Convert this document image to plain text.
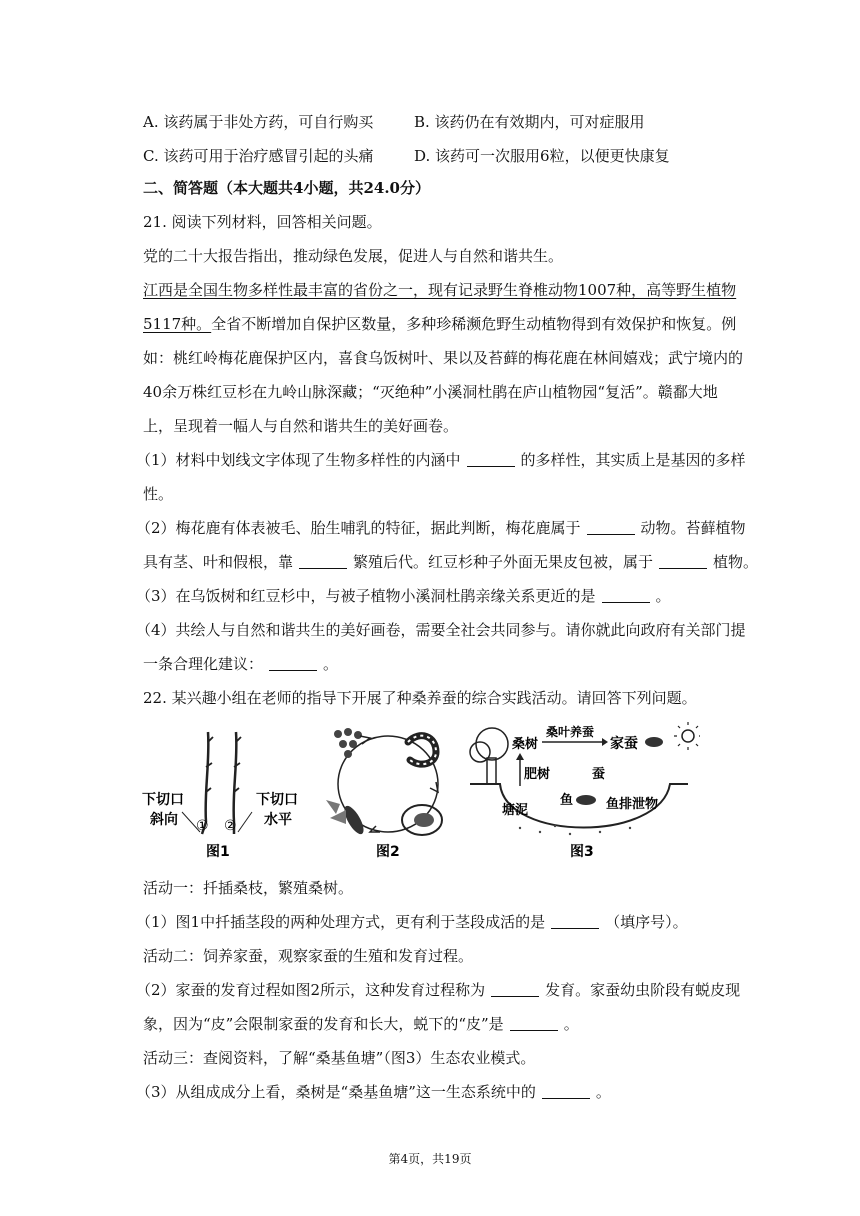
A. 该药属于非处方药，可自行购买	B. 该药仍在有效期内，可对症服用
C. 该药可用于治疗感冒引起的头痛	D. 该药可一次服用6粒，以便更快康复
二、简答题（本大题共4小题，共24.0分）
21. 阅读下列材料，回答相关问题。
党的二十大报告指出，推动绿色发展，促进人与自然和谐共生。
江西是全国生物多样性最丰富的省份之一，现有记录野生脊椎动物1007种，高等野生植物
5117种。全省不断增加自保护区数量，多种珍稀濒危野生动植物得到有效保护和恢复。例
如：桃红岭梅花鹿保护区内，喜食乌饭树叶、果以及苔藓的梅花鹿在林间嬉戏；武宁境内的
40余万株红豆杉在九岭山脉深藏；“灭绝种”小溪洞杜鹃在庐山植物园“复活”。赣鄱大地
上，呈现着一幅人与自然和谐共生的美好画卷。
（1）材料中划线文字体现了生物多样性的内涵中	的多样性，其实质上是基因的多样
性。
（2）梅花鹿有体表被毛、胎生哺乳的特征，据此判断，梅花鹿属于	动物。苔藓植物
具有茎、叶和假根，靠	繁殖后代。红豆杉种子外面无果皮包被，属于	植物。
（3）在乌饭树和红豆杉中，与被子植物小溪洞杜鹃亲缘关系更近的是	。
（4）共绘人与自然和谐共生的美好画卷，需要全社会共同参与。请你就此向政府有关部门提
一条合理化建议：	。
22. 某兴趣小组在老师的指导下开展了种桑养蚕的综合实践活动。请回答下列问题。
下切口
斜向
下切口
水平
① ②
图1	图2
桑树
桑叶养蚕
家蚕
肥树	蚕
塘泥
鱼	鱼排泄物
图3
活动一：扦插桑枝，繁殖桑树。
（1）图1中扦插茎段的两种处理方式，更有利于茎段成活的是	（填序号）。
活动二：饲养家蚕，观察家蚕的生殖和发育过程。
（2）家蚕的发育过程如图2所示，这种发育过程称为	发育。家蚕幼虫阶段有蜕皮现
象，因为“皮”会限制家蚕的发育和长大，蜕下的“皮”是	。
活动三：查阅资料，了解“桑基鱼塘”（图3）生态农业模式。
（3）从组成成分上看，桑树是“桑基鱼塘”这一生态系统中的	。
第4页，共19页
